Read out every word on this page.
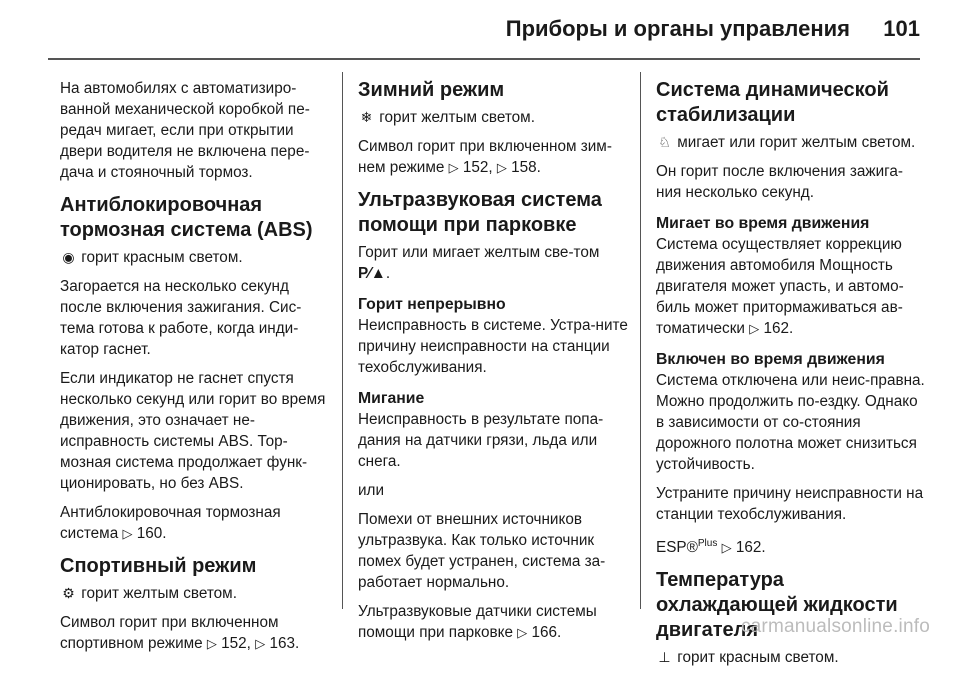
Приборы и органы управления 101

На автомобилях с автоматизиро-ванной механической коробкой пе-редач мигает, если при открытии двери водителя не включена пере-дача и стояночный тормоз.

Антиблокировочная тормозная система (ABS)

◉ горит красным светом.

Загорается на несколько секунд после включения зажигания. Сис-тема готова к работе, когда инди-катор гаснет.

Если индикатор не гаснет спустя несколько секунд или горит во время движения, это означает не-исправность системы ABS. Тор-мозная система продолжает функ-ционировать, но без ABS.

Антиблокировочная тормозная система ▷ 160.

Спортивный режим

⚙ горит желтым светом.

Символ горит при включенном спортивном режиме ▷ 152, ▷ 163.

Зимний режим

❄ горит желтым светом.

Символ горит при включенном зим-нем режиме ▷ 152, ▷ 158.

Ультразвуковая система помощи при парковке

Горит или мигает желтым све-том P⁄▲.

Горит непрерывно

Неисправность в системе. Устра-ните причину неисправности на станции техобслуживания.

Мигание

Неисправность в результате попа-дания на датчики грязи, льда или снега.

или

Помехи от внешних источников ультразвука. Как только источник помех будет устранен, система за-работает нормально.

Ультразвуковые датчики системы помощи при парковке ▷ 166.

Система динамической стабилизации

♘ мигает или горит желтым светом.

Он горит после включения зажига-ния несколько секунд.

Мигает во время движения

Система осуществляет коррекцию движения автомобиля Мощность двигателя может упасть, и автомо-биль может притормаживаться ав-томатически ▷ 162.

Включен во время движения

Система отключена или неис-правна. Можно продолжить по-ездку. Однако в зависимости от со-стояния дорожного полотна может снизиться устойчивость.

Устраните причину неисправности на станции техобслуживания.

ESP®$^{Plus}$ ▷ 162.

Температура охлаждающей жидкости двигателя

⊥ горит красным светом.

carmanualsonline.info
